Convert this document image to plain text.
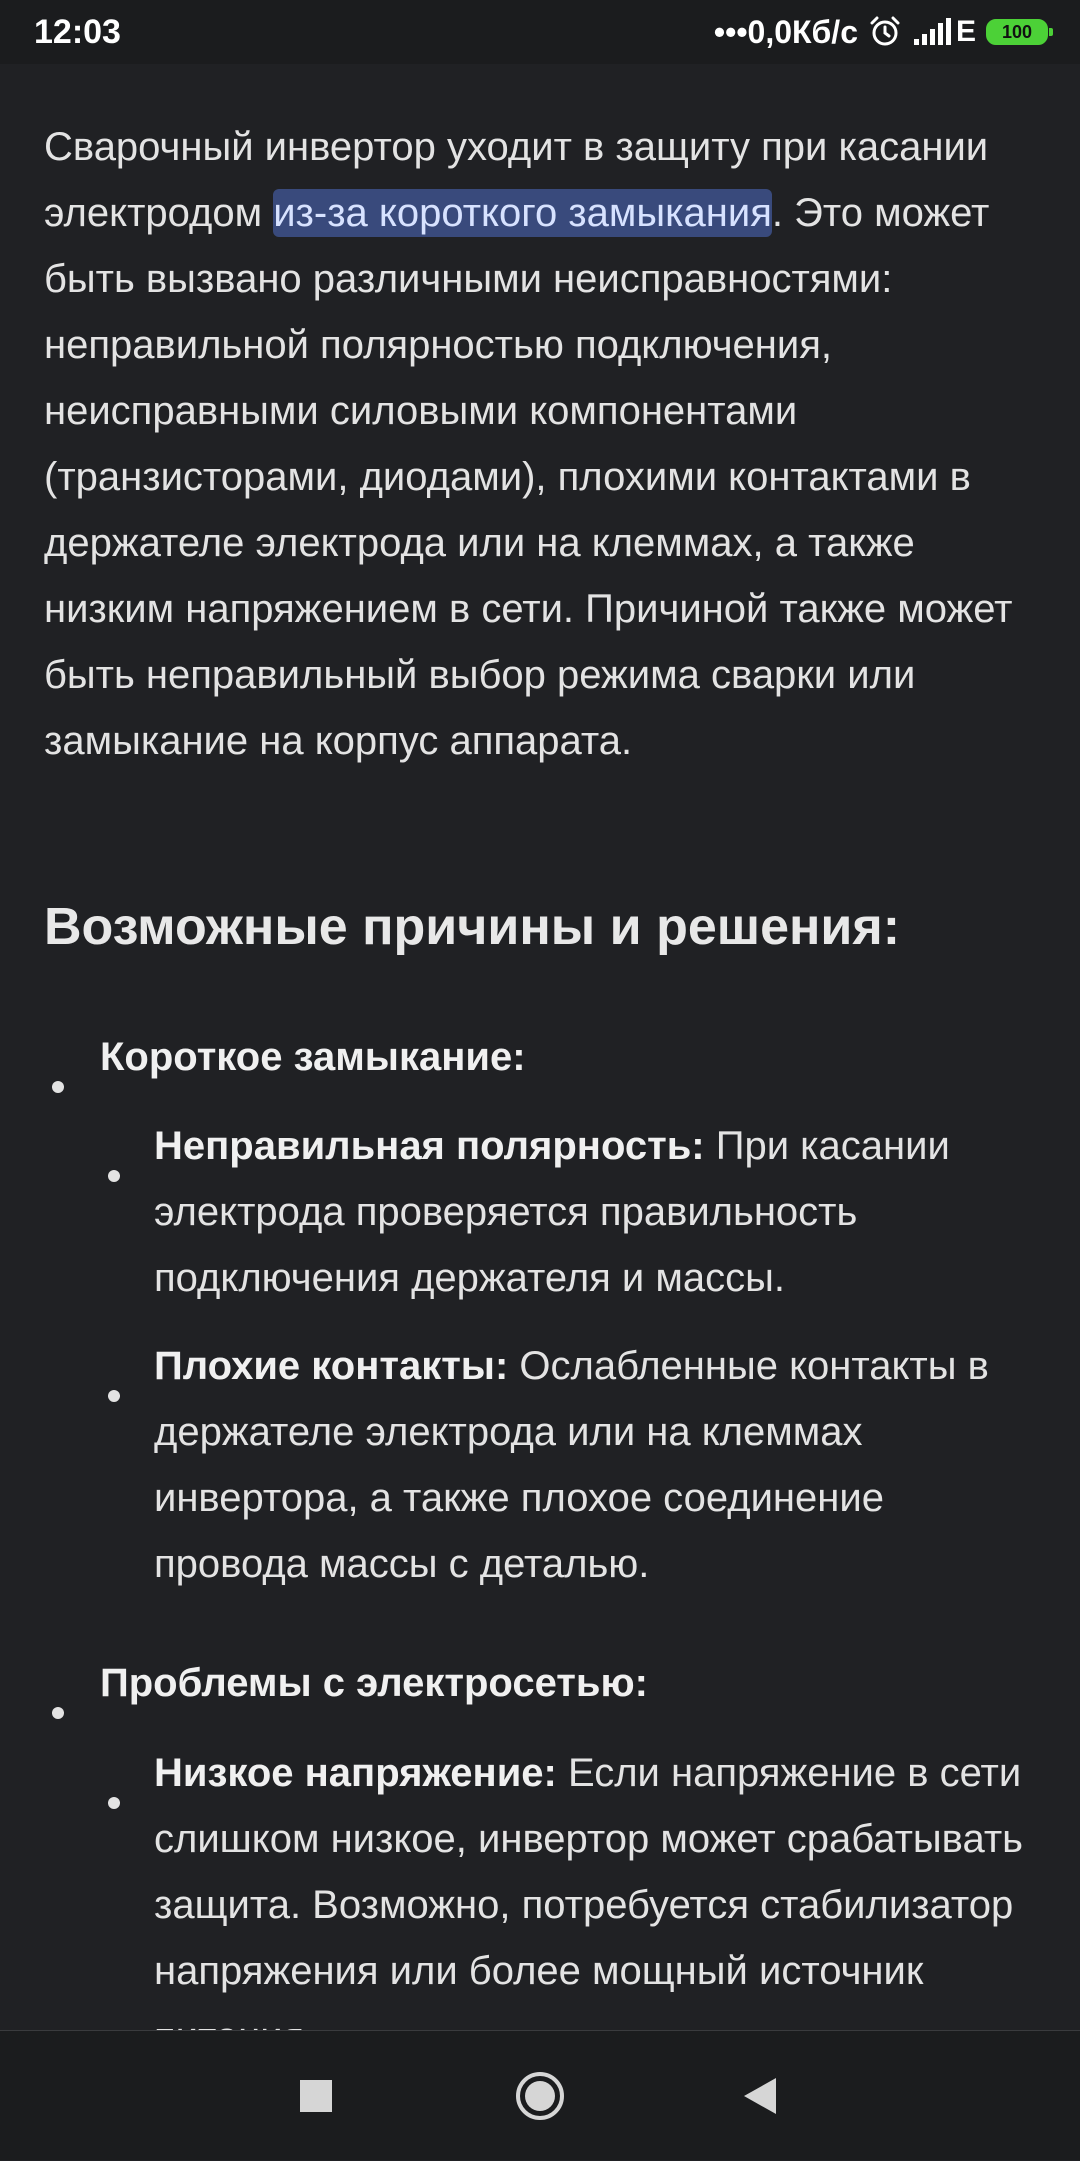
12:03	•••0,0Кб/c	E 100

Сварочный инвертор уходит в защиту при касании электродом из-за короткого замыкания. Это может быть вызвано различными неисправностями: неправильной полярностью подключения, неисправными силовыми компонентами (транзисторами, диодами), плохими контактами в держателе электрода или на клеммах, а также низким напряжением в сети. Причиной также может быть неправильный выбор режима сварки или замыкание на корпус аппарата.

Возможные причины и решения:

Короткое замыкание:

Неправильная полярность: При касании электрода проверяется правильность подключения держателя и массы.

Плохие контакты: Ослабленные контакты в держателе электрода или на клеммах инвертора, а также плохое соединение провода массы с деталью.

Проблемы с электросетью:

Низкое напряжение: Если напряжение в сети слишком низкое, инвертор может срабатывать защита. Возможно, потребуется стабилизатор напряжения или более мощный источник
